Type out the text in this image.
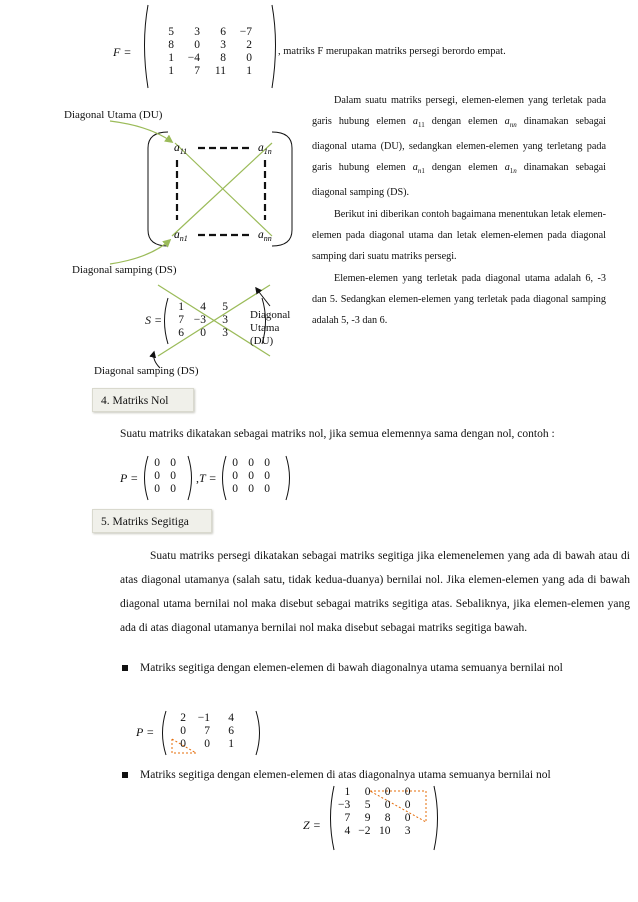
F =
5	3	6	−7
8	0	3	2
1	−4	8	0
1	7	11	1
, matriks F merupakan matriks persegi berordo empat.
Diagonal Utama (DU)
Diagonal samping (DS)
$a_{11}$	$a_{1n}$
$a_{n1}$	$a_{nn}$
Dalam suatu matriks persegi, elemen-elemen yang terletak pada garis hubung elemen $a_{11}$ dengan elemen $a_{nn}$ dinamakan sebagai diagonal utama (DU), sedangkan elemen-elemen yang terletang pada garis hubung elemen $a_{n1}$ dengan elemen $a_{1n}$ dinamakan sebagai diagonal samping (DS).
Berikut ini diberikan contoh bagaimana menentukan letak elemen-elemen pada diagonal utama dan letak elemen-elemen pada diagonal samping dari suatu matriks persegi.
Elemen-elemen yang terletak pada diagonal utama adalah 6, -3 dan 5. Sedangkan elemen-elemen yang terletak pada diagonal samping adalah 5, -3 dan 6.
S =
1	4	5
7	−3	3
6	0	3
Diagonal
Utama
(DU)
Diagonal samping (DS)
4. Matriks Nol
Suatu matriks dikatakan sebagai matriks nol, jika semua elemennya sama dengan nol, contoh :
P =
0	0
0	0
0	0
,T =
0	0	0
0	0	0
0	0	0
5. Matriks Segitiga
Suatu matriks persegi dikatakan sebagai matriks segitiga jika elemenelemen yang ada di bawah atau di atas diagonal utamanya (salah satu, tidak kedua-duanya) bernilai nol. Jika elemen-elemen yang ada di bawah diagonal utama bernilai nol maka disebut sebagai matriks segitiga atas. Sebaliknya, jika elemen-elemen yang ada di atas diagonal utamanya bernilai nol maka disebut sebagai matriks segitiga bawah.
Matriks segitiga dengan elemen-elemen di bawah diagonalnya utama semuanya bernilai nol
P =
2	−1	4
0	7	6
0	0	1
Matriks segitiga dengan elemen-elemen di atas diagonalnya utama semuanya bernilai nol
Z =
1	0	0	0
−3	5	0	0
7	9	8	0
4	−2	10	3
